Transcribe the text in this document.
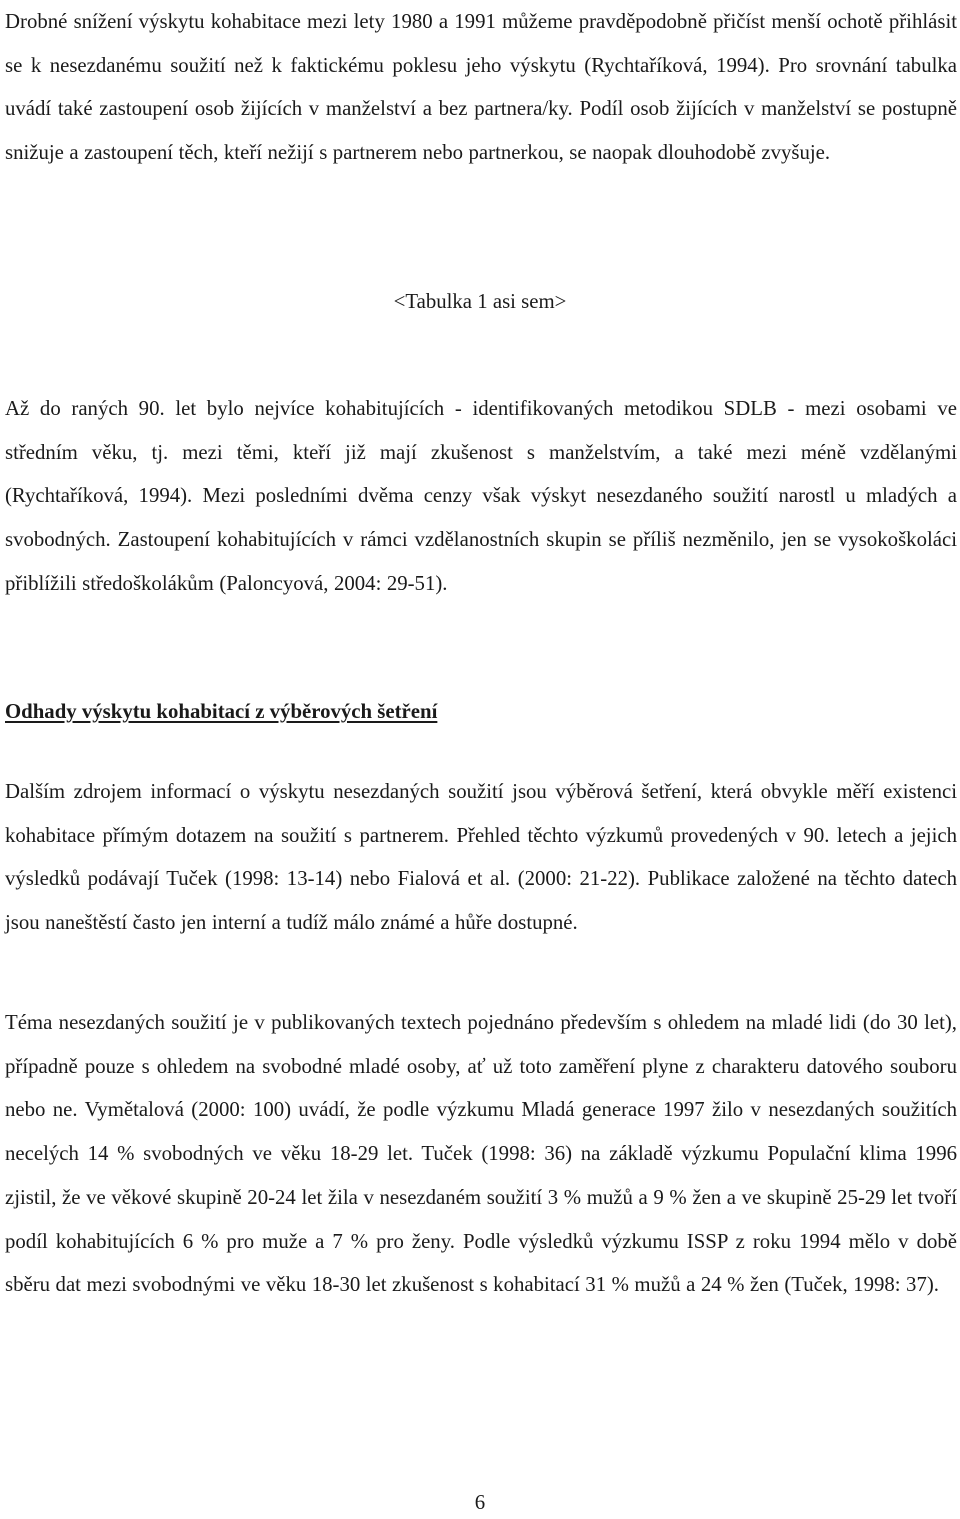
Drobné snížení výskytu kohabitace mezi lety 1980 a 1991 můžeme pravděpodobně přičíst menší ochotě přihlásit se k nesezdanému soužití než k faktickému poklesu jeho výskytu (Rychtaříková, 1994). Pro srovnání tabulka uvádí také zastoupení osob žijících v manželství a bez partnera/ky. Podíl osob žijících v manželství se postupně snižuje a zastoupení těch, kteří nežijí s partnerem nebo partnerkou, se naopak dlouhodobě zvyšuje.

<Tabulka 1 asi sem>

Až do raných 90. let bylo nejvíce kohabitujících - identifikovaných metodikou SDLB - mezi osobami ve středním věku, tj. mezi těmi, kteří již mají zkušenost s manželstvím, a také mezi méně vzdělanými (Rychtaříková, 1994). Mezi posledními dvěma cenzy však výskyt nesezdaného soužití narostl u mladých a svobodných. Zastoupení kohabitujících v rámci vzdělanostních skupin se příliš nezměnilo, jen se vysokoškoláci přiblížili středoškolákům (Paloncyová, 2004: 29-51).

Odhady výskytu kohabitací z výběrových šetření

Dalším zdrojem informací o výskytu nesezdaných soužití jsou výběrová šetření, která obvykle měří existenci kohabitace přímým dotazem na soužití s partnerem. Přehled těchto výzkumů provedených v 90. letech a jejich výsledků podávají Tuček (1998: 13-14) nebo Fialová et al. (2000: 21-22). Publikace založené na těchto datech jsou naneštěstí často jen interní a tudíž málo známé a hůře dostupné.

Téma nesezdaných soužití je v publikovaných textech pojednáno především s ohledem na mladé lidi (do 30 let), případně pouze s ohledem na svobodné mladé osoby, ať už toto zaměření plyne z charakteru datového souboru nebo ne. Vymětalová (2000: 100) uvádí, že podle výzkumu Mladá generace 1997 žilo v nesezdaných soužitích necelých 14 % svobodných ve věku 18-29 let. Tuček (1998: 36) na základě výzkumu Populační klima 1996 zjistil, že ve věkové skupině 20-24 let žila v nesezdaném soužití 3 % mužů a 9 % žen a ve skupině 25-29 let tvoří podíl kohabitujících 6 % pro muže a 7 % pro ženy. Podle výsledků výzkumu ISSP z roku 1994 mělo v době sběru dat mezi svobodnými ve věku 18-30 let zkušenost s kohabitací 31 % mužů a 24 % žen (Tuček, 1998: 37).

6
